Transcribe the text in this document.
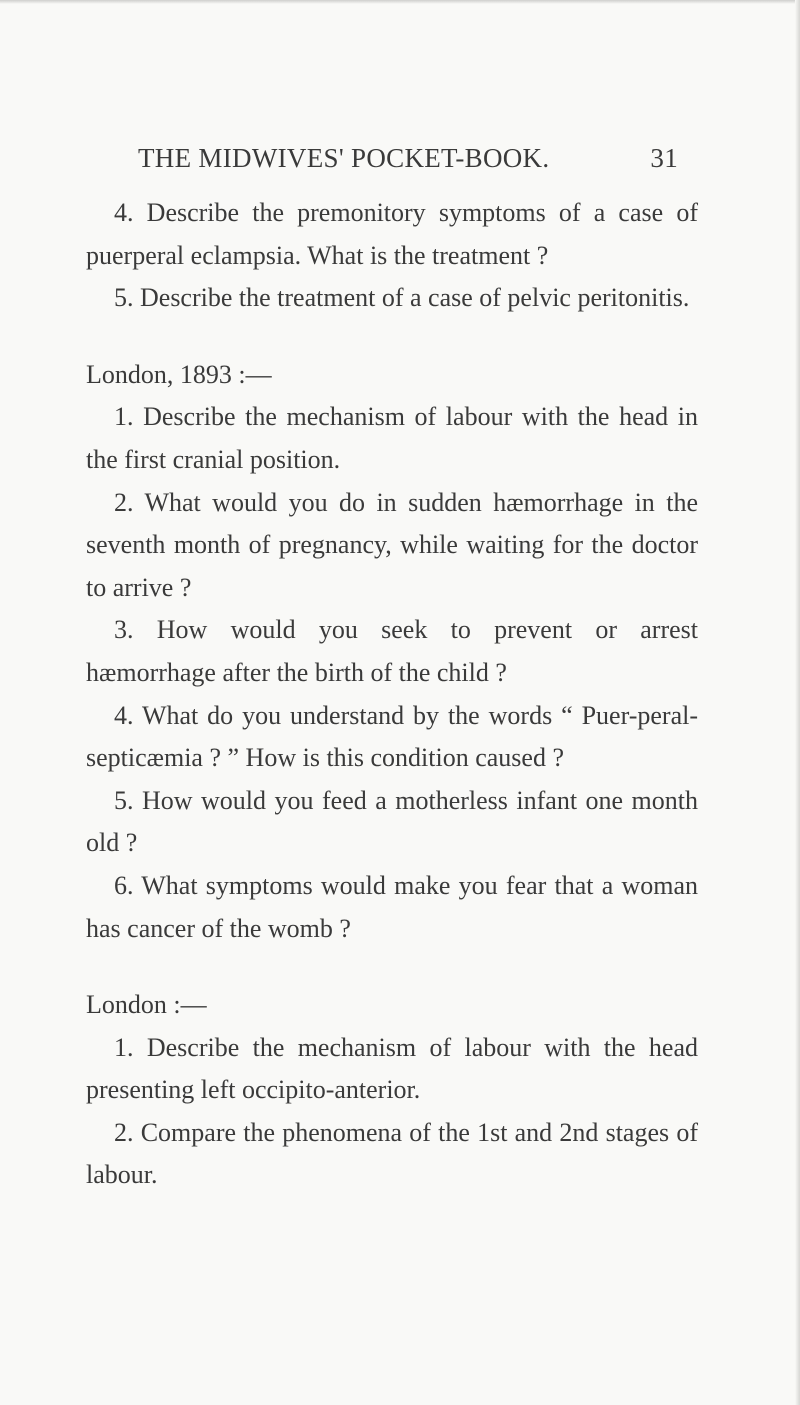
THE MIDWIVES' POCKET-BOOK.	31

4. Describe the premonitory symptoms of a case of puerperal eclampsia. What is the treatment ?

5. Describe the treatment of a case of pelvic peritonitis.

London, 1893 :—

1. Describe the mechanism of labour with the head in the first cranial position.

2. What would you do in sudden hæmorrhage in the seventh month of pregnancy, while waiting for the doctor to arrive ?

3. How would you seek to prevent or arrest hæmorrhage after the birth of the child ?

4. What do you understand by the words “ Puer-peral-septicæmia ? ” How is this condition caused ?

5. How would you feed a motherless infant one month old ?

6. What symptoms would make you fear that a woman has cancer of the womb ?

London :—

1. Describe the mechanism of labour with the head presenting left occipito-anterior.

2. Compare the phenomena of the 1st and 2nd stages of labour.
